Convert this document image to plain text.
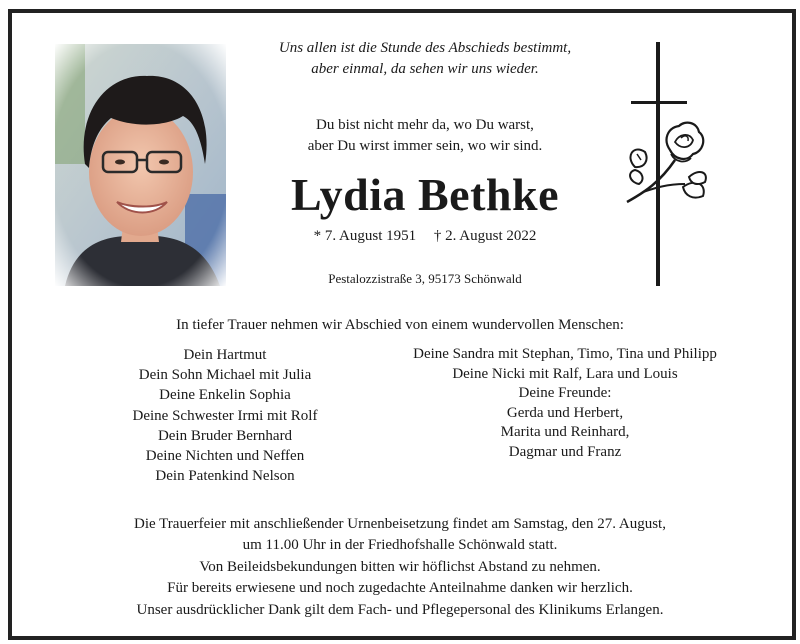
Uns allen ist die Stunde des Abschieds bestimmt,
aber einmal, da sehen wir uns wieder.
Du bist nicht mehr da, wo Du warst,
aber Du wirst immer sein, wo wir sind.
Lydia Bethke
* 7. August 1951 † 2. August 2022
Pestalozzistraße 3, 95173 Schönwald
In tiefer Trauer nehmen wir Abschied von einem wundervollen Menschen:
Dein Hartmut
Dein Sohn Michael mit Julia
Deine Enkelin Sophia
Deine Schwester Irmi mit Rolf
Dein Bruder Bernhard
Deine Nichten und Neffen
Dein Patenkind Nelson
Deine Sandra mit Stephan, Timo, Tina und Philipp
Deine Nicki mit Ralf, Lara und Louis
Deine Freunde:
Gerda und Herbert,
Marita und Reinhard,
Dagmar und Franz
Die Trauerfeier mit anschließender Urnenbeisetzung findet am Samstag, den 27. August,
um 11.00 Uhr in der Friedhofshalle Schönwald statt.
Von Beileidsbekundungen bitten wir höflichst Abstand zu nehmen.
Für bereits erwiesene und noch zugedachte Anteilnahme danken wir herzlich.
Unser ausdrücklicher Dank gilt dem Fach- und Pflegepersonal des Klinikums Erlangen.
